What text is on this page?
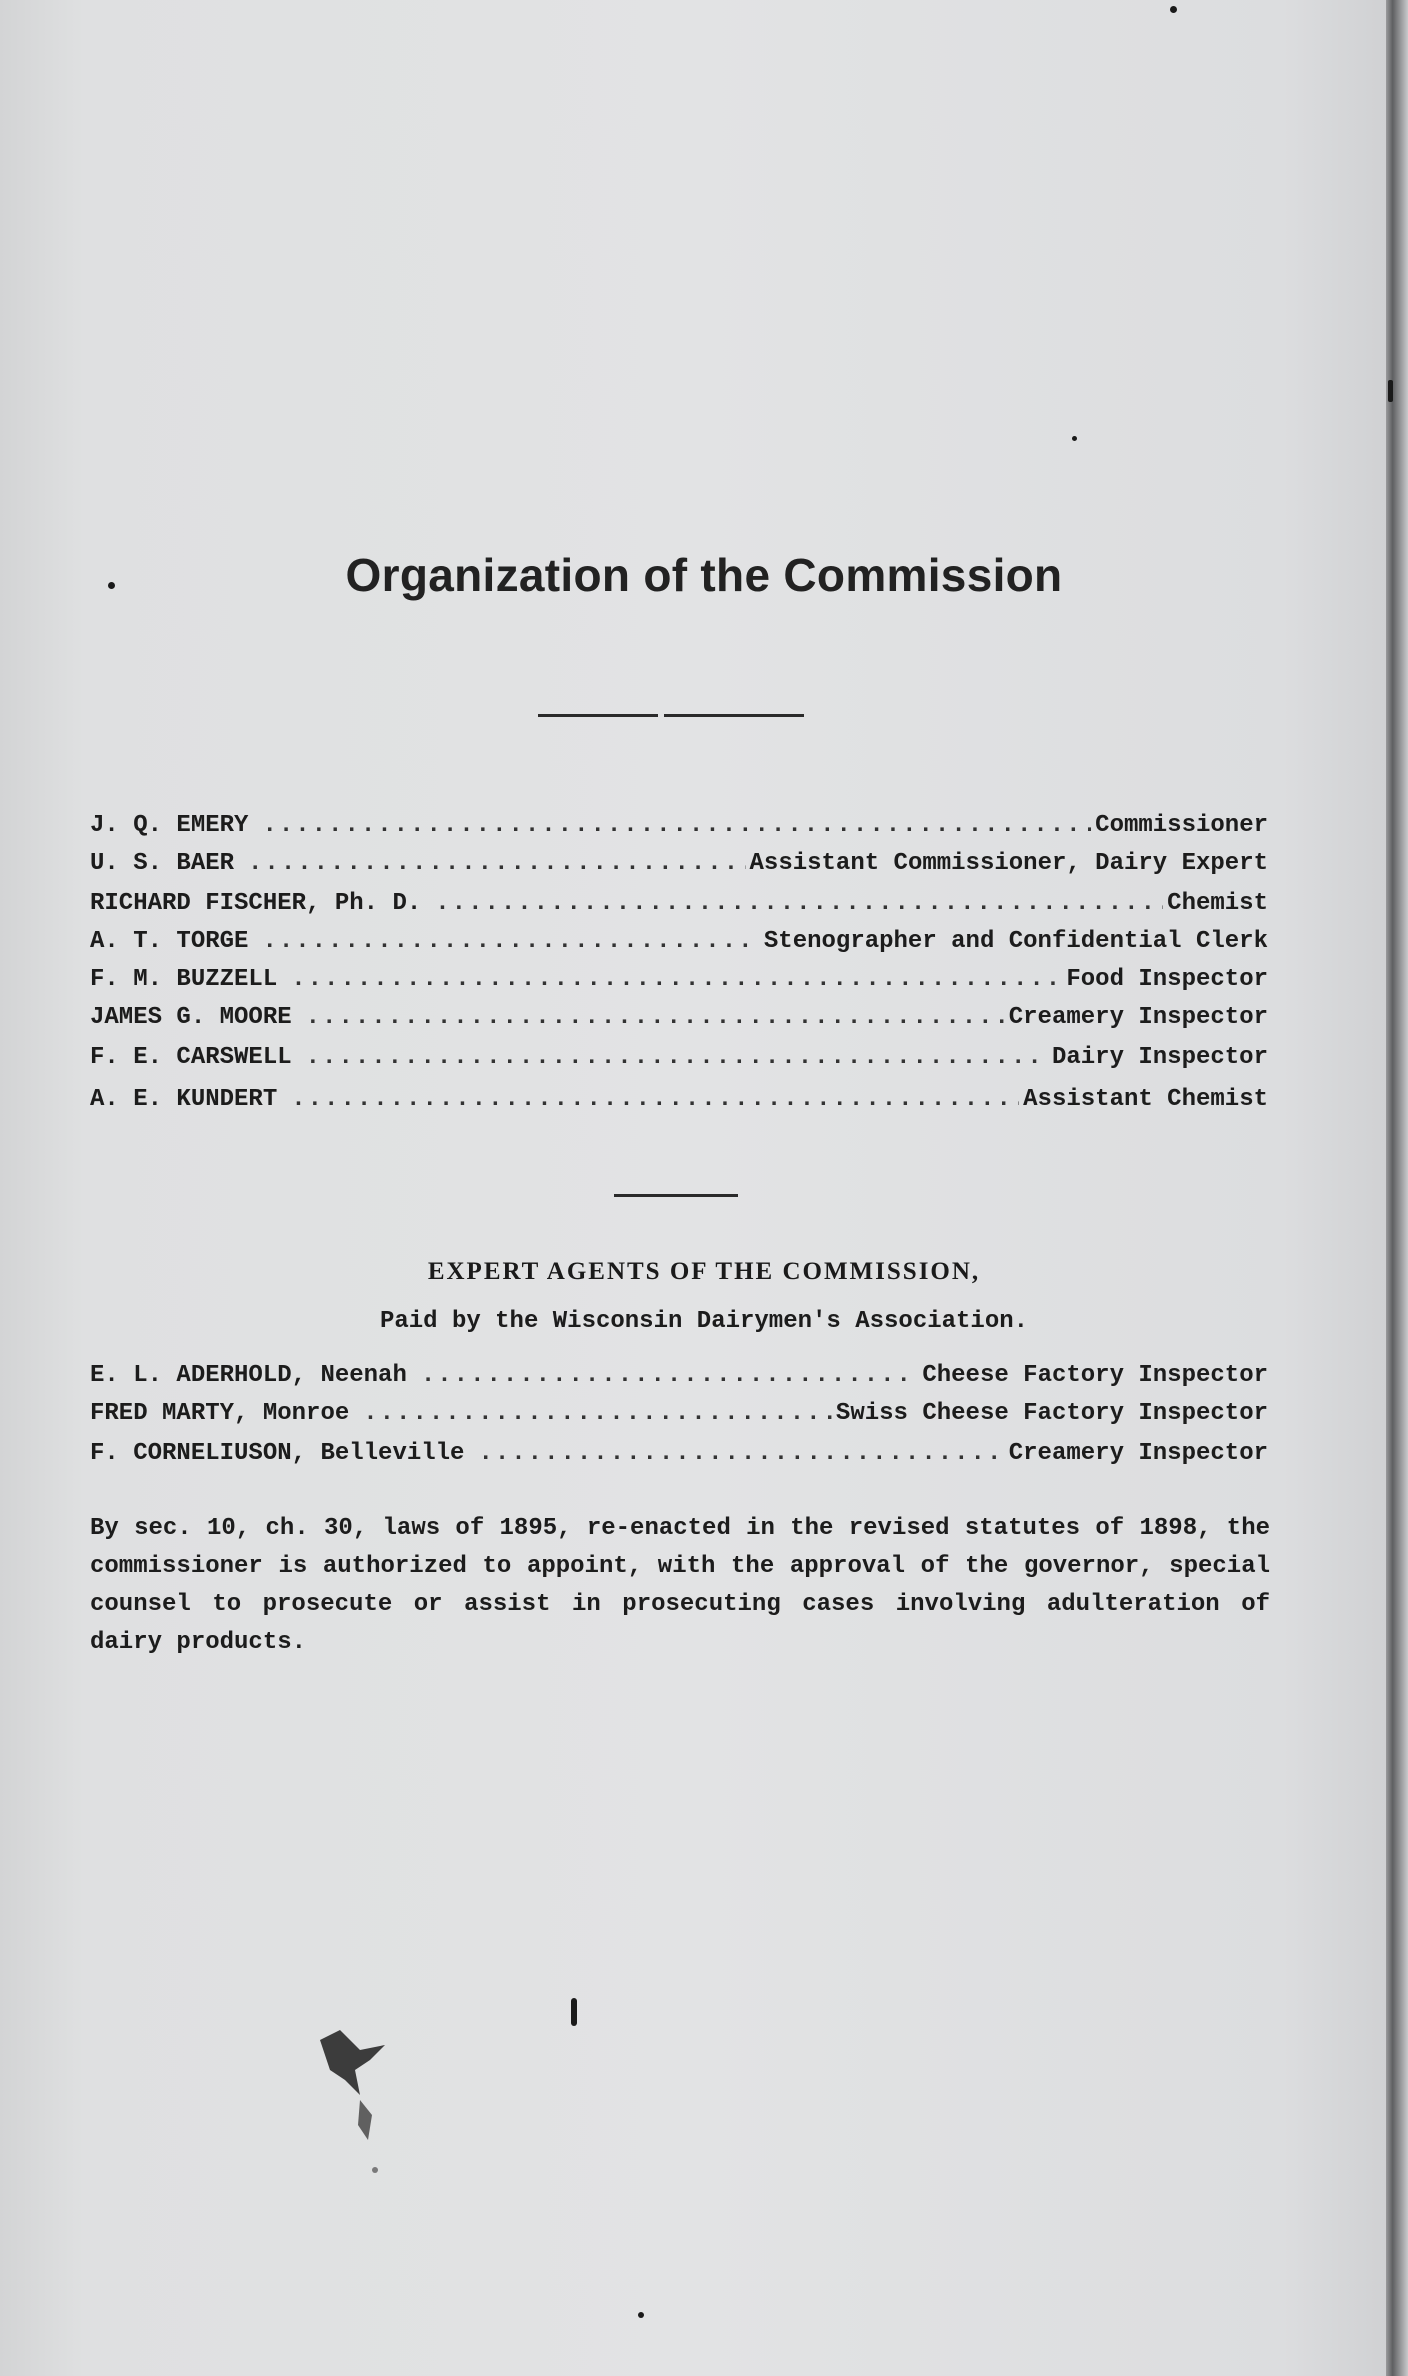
Organization of the Commission
J. Q. EMERY .....	Commissioner
U. S. BAER .....	Assistant Commissioner, Dairy Expert
RICHARD FISCHER, Ph. D. .....	Chemist
A. T. TORGE .....	Stenographer and Confidential Clerk
F. M. BUZZELL .....	Food Inspector
JAMES G. MOORE .....	Creamery Inspector
F. E. CARSWELL .....	Dairy Inspector
A. E. KUNDERT .....	Assistant Chemist
EXPERT AGENTS OF THE COMMISSION,
Paid by the Wisconsin Dairymen's Association.
E. L. ADERHOLD, Neenah .....	Cheese Factory Inspector
FRED MARTY, Monroe .....	Swiss Cheese Factory Inspector
F. CORNELIUSON, Belleville .....	Creamery Inspector
By sec. 10, ch. 30, laws of 1895, re-enacted in the revised statutes of 1898, the commissioner is authorized to appoint, with the approval of the governor, special counsel to prosecute or assist in prosecuting cases involving adulteration of dairy products.
